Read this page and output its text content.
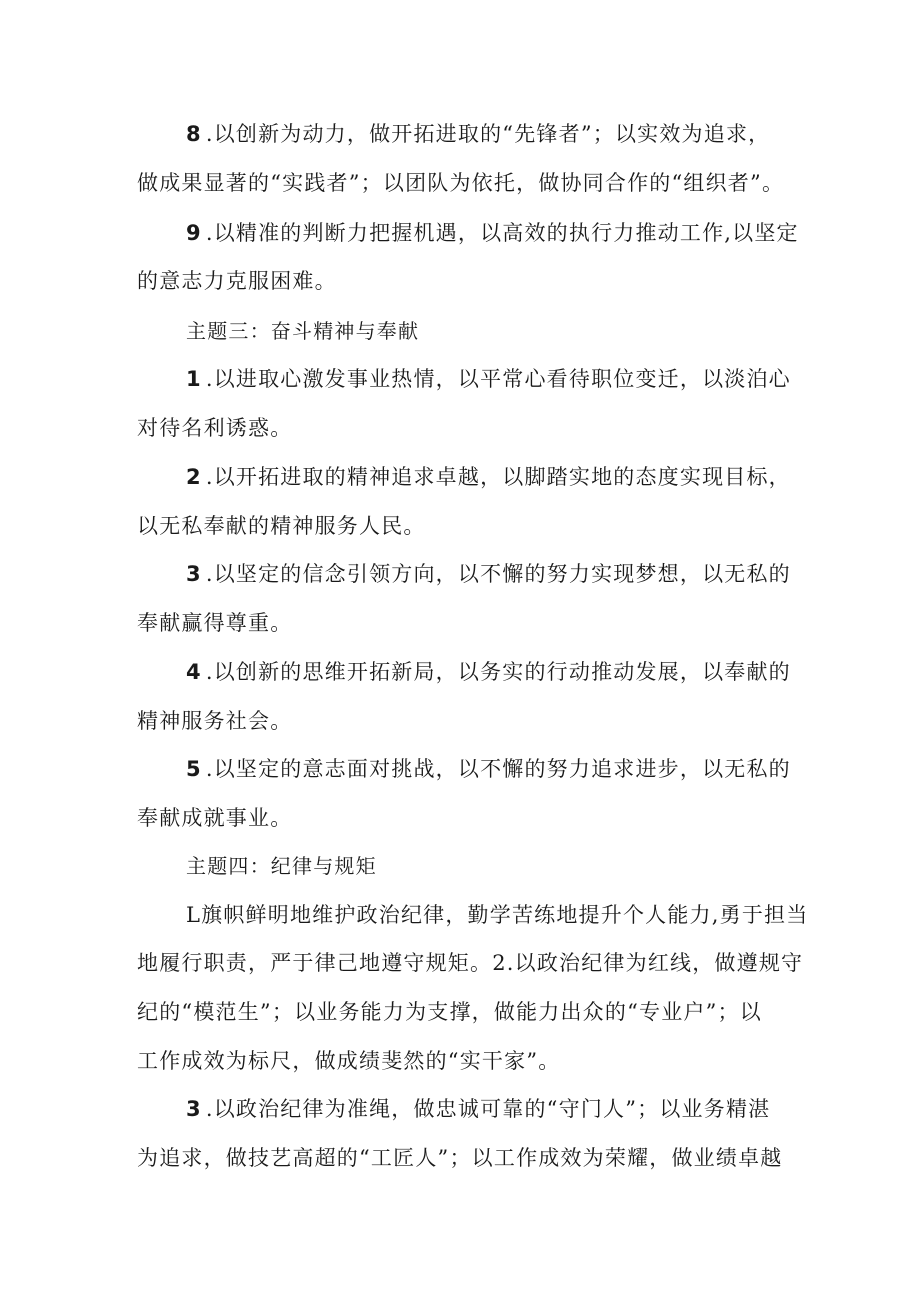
8 .以创新为动力，做开拓进取的“先锋者”；以实效为追求，
做成果显著的“实践者”；以团队为依托，做协同合作的“组织者”。
9 .以精准的判断力把握机遇，以高效的执行力推动工作,以坚定
的意志力克服困难。
主题三：奋斗精神与奉献
1 .以进取心激发事业热情，以平常心看待职位变迁，以淡泊心
对待名利诱惑。
2 .以开拓进取的精神追求卓越，以脚踏实地的态度实现目标，
以无私奉献的精神服务人民。
3 .以坚定的信念引领方向，以不懈的努力实现梦想，以无私的
奉献赢得尊重。
4 .以创新的思维开拓新局，以务实的行动推动发展，以奉献的
精神服务社会。
5 .以坚定的意志面对挑战，以不懈的努力追求进步，以无私的
奉献成就事业。
主题四：纪律与规矩
L旗帜鲜明地维护政治纪律，勤学苦练地提升个人能力,勇于担当
地履行职责，严于律己地遵守规矩。2.以政治纪律为红线，做遵规守
纪的“模范生”；以业务能力为支撑，做能力出众的“专业户”；以
工作成效为标尺，做成绩斐然的“实干家”。
3 .以政治纪律为准绳，做忠诚可靠的“守门人”；以业务精湛
为追求，做技艺高超的“工匠人”；以工作成效为荣耀，做业绩卓越
